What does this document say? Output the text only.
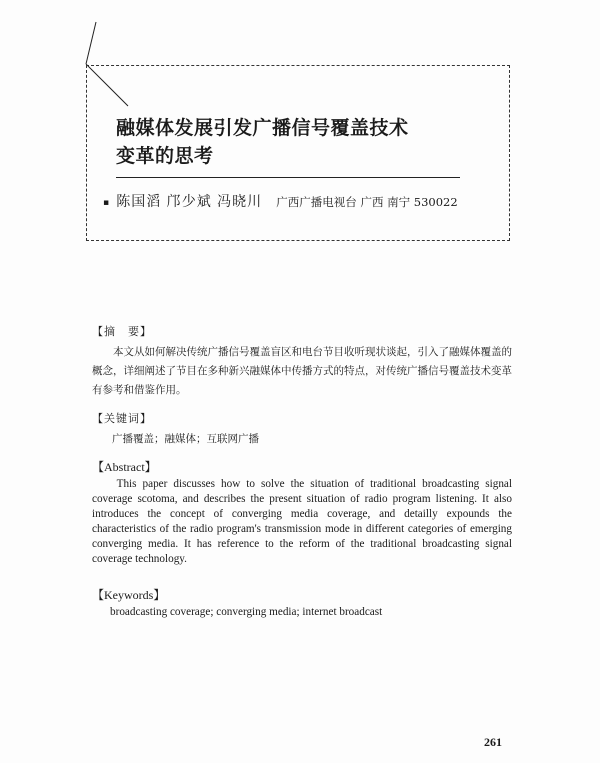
融媒体发展引发广播信号覆盖技术
变革的思考
▪ 陈国滔 邝少斌 冯晓川 广西广播电视台 广西 南宁 530022
【摘　要】
本文从如何解决传统广播信号覆盖盲区和电台节目收听现状谈起，引入了融媒体覆盖的概念，详细阐述了节目在多种新兴融媒体中传播方式的特点，对传统广播信号覆盖技术变革有参考和借鉴作用。
【关键词】
广播覆盖；融媒体；互联网广播
【Abstract】
This paper discusses how to solve the situation of traditional broadcasting signal coverage scotoma, and describes the present situation of radio program listening. It also introduces the concept of converging media coverage, and detailly expounds the characteristics of the radio program's transmission mode in different categories of emerging converging media. It has reference to the reform of the traditional broadcasting signal coverage technology.
【Keywords】
broadcasting coverage; converging media; internet broadcast
261
